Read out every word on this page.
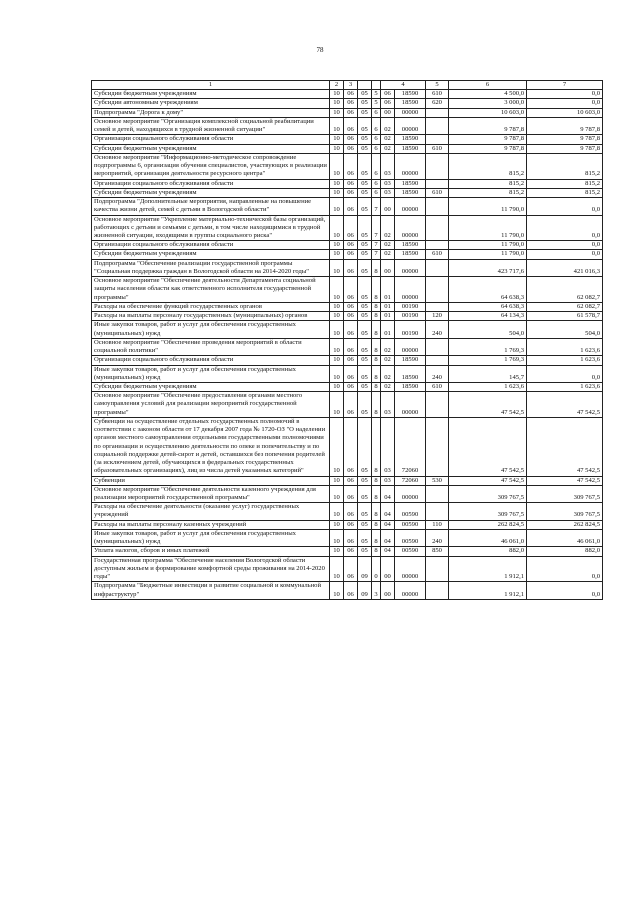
78
1	2	3			4		5	6	7
Субсидии бюджетным учреждениям	10	06	05	5	06	18590	610	4 500,0	0,0
Субсидии автономным учреждениям	10	06	05	5	06	18590	620	3 000,0	0,0
Подпрограмма "Дорога к дому"	10	06	05	6	00	00000		10 603,0	10 603,0
Основное мероприятие "Организация комплексной социальной реабилитации семей и детей, находящихся в трудной жизненной ситуации"	10	06	05	6	02	00000		9 787,8	9 787,8
Организации социального обслуживания области	10	06	05	6	02	18590		9 787,8	9 787,8
Субсидии бюджетным учреждениям	10	06	05	6	02	18590	610	9 787,8	9 787,8
Основное мероприятие "Информационно-методическое сопровождение подпрограммы 6, организация обучения специалистов, участвующих в реализации мероприятий, организация деятельности ресурсного центра"	10	06	05	6	03	00000		815,2	815,2
Организации социального обслуживания области	10	06	05	6	03	18590		815,2	815,2
Субсидии бюджетным учреждениям	10	06	05	6	03	18590	610	815,2	815,2
Подпрограмма "Дополнительные мероприятия, направленные на повышение качества жизни детей, семей с детьми в Вологодской области"	10	06	05	7	00	00000		11 790,0	0,0
Основное мероприятие "Укрепление материально-технической базы организаций, работающих с детьми и семьями с детьми, в том числе находящимися в трудной жизненной ситуации, входящими в группы социального риска"	10	06	05	7	02	00000		11 790,0	0,0
Организации социального обслуживания области	10	06	05	7	02	18590		11 790,0	0,0
Субсидии бюджетным учреждениям	10	06	05	7	02	18590	610	11 790,0	0,0
Подпрограмма "Обеспечение реализации государственной программы "Социальная поддержка граждан в Вологодской области на 2014-2020 годы"	10	06	05	8	00	00000		423 717,6	421 016,3
Основное мероприятие "Обеспечение деятельности Департамента социальной защиты населения области как ответственного исполнителя государственной программы"	10	06	05	8	01	00000		64 638,3	62 082,7
Расходы на обеспечение функций государственных органов	10	06	05	8	01	00190		64 638,3	62 082,7
Расходы на выплаты персоналу государственных (муниципальных) органов	10	06	05	8	01	00190	120	64 134,3	61 578,7
Иные закупки товаров, работ и услуг для обеспечения государственных (муниципальных) нужд	10	06	05	8	01	00190	240	504,0	504,0
Основное мероприятие "Обеспечение проведения мероприятий в области социальной политики"	10	06	05	8	02	00000		1 769,3	1 623,6
Организации социального обслуживания области	10	06	05	8	02	18590		1 769,3	1 623,6
Иные закупки товаров, работ и услуг для обеспечения государственных (муниципальных) нужд	10	06	05	8	02	18590	240	145,7	0,0
Субсидии бюджетным учреждениям	10	06	05	8	02	18590	610	1 623,6	1 623,6
Основное мероприятие "Обеспечение предоставления органами местного самоуправления условий для реализации мероприятий государственной программы"	10	06	05	8	03	00000		47 542,5	47 542,5
Субвенции на осуществление отдельных государственных полномочий в соответствии с законом области от 17 декабря 2007 года № 1720-ОЗ "О наделении органов местного самоуправления отдельными государственными полномочиями по организации и осуществлению деятельности по опеке и попечительству и по социальной поддержке детей-сирот и детей, оставшихся без попечения родителей (за исключением детей, обучающихся в федеральных государственных образовательных организациях), лиц из числа детей указанных категорий"	10	06	05	8	03	72060		47 542,5	47 542,5
Субвенции	10	06	05	8	03	72060	530	47 542,5	47 542,5
Основное мероприятие "Обеспечение деятельности казенного учреждения для реализации мероприятий государственной программы"	10	06	05	8	04	00000		309 767,5	309 767,5
Расходы на обеспечение деятельности (оказание услуг) государственных учреждений	10	06	05	8	04	00590		309 767,5	309 767,5
Расходы на выплаты персоналу казенных учреждений	10	06	05	8	04	00590	110	262 824,5	262 824,5
Иные закупки товаров, работ и услуг для обеспечения государственных (муниципальных) нужд	10	06	05	8	04	00590	240	46 061,0	46 061,0
Уплата налогов, сборов и иных платежей	10	06	05	8	04	00590	850	882,0	882,0
Государственная программа "Обеспечение населения Вологодской области доступным жильем и формирование комфортной среды проживания на 2014-2020 годы"	10	06	09	0	00	00000		1 912,1	0,0
Подпрограмма "Бюджетные инвестиции в развитие социальной и коммунальной инфраструктур"	10	06	09	3	00	00000		1 912,1	0,0
